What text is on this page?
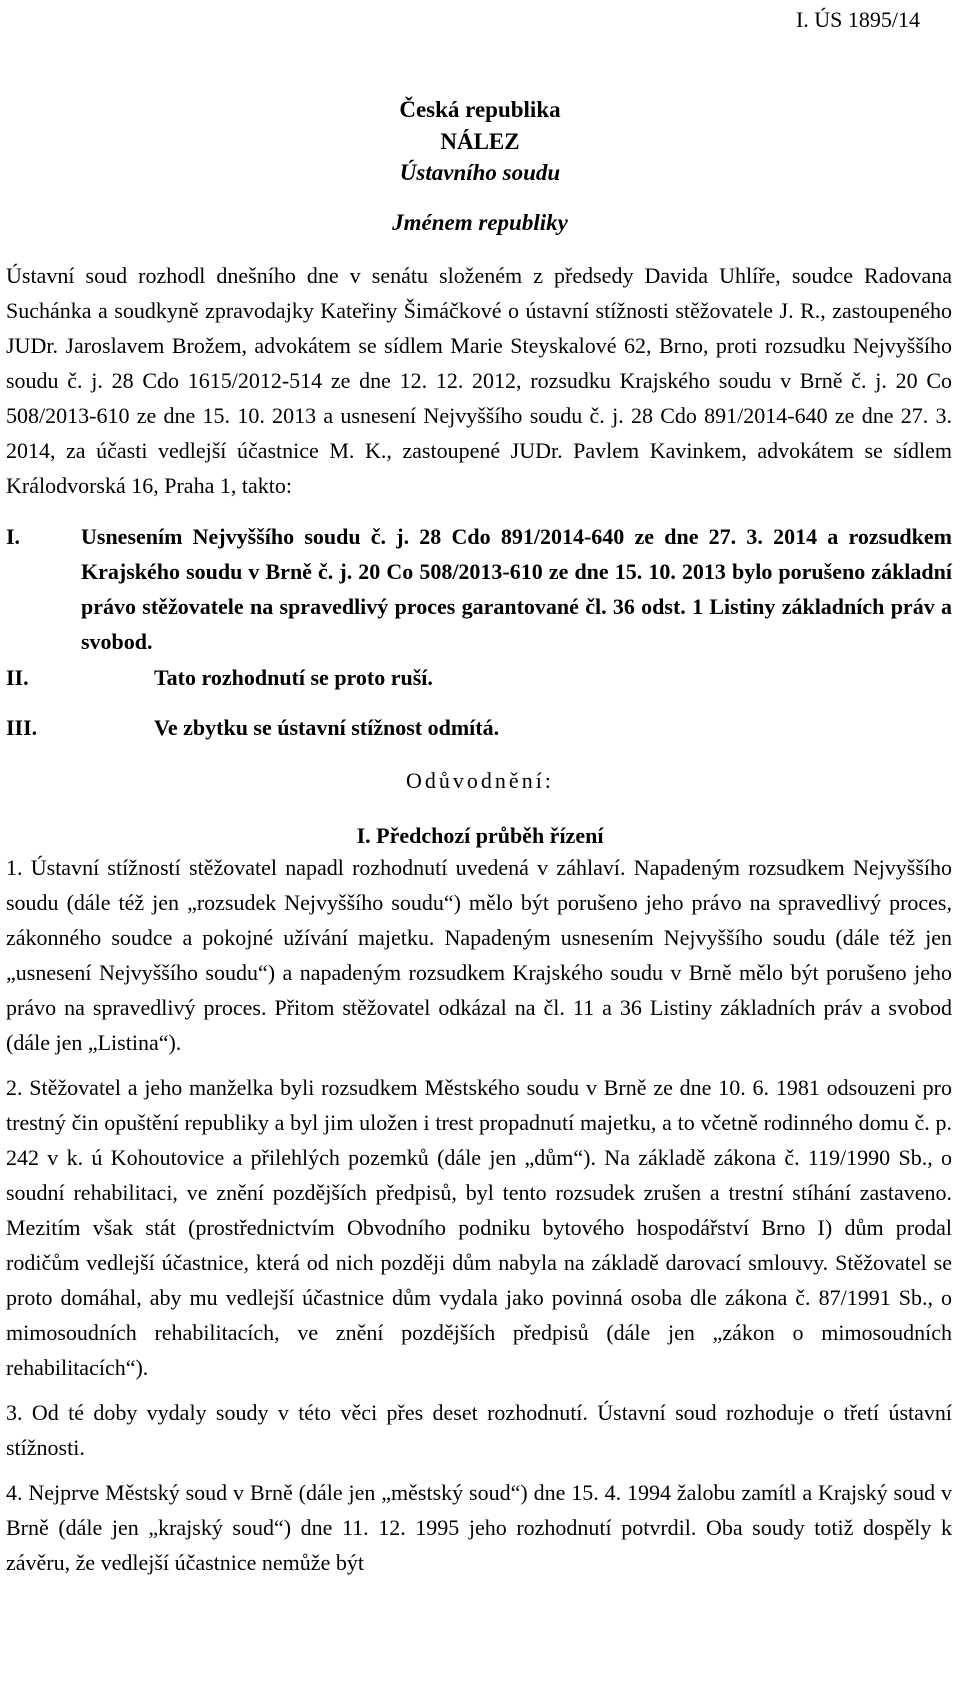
I. ÚS 1895/14
Česká republika
NÁLEZ
Ústavního soudu
Jménem republiky

Ústavní soud rozhodl dnešního dne v senátu složeném z předsedy Davida Uhlíře, soudce Radovana Suchánka a soudkyně zpravodajky Kateřiny Šimáčkové o ústavní stížnosti stěžovatele J. R., zastoupeného JUDr. Jaroslavem Brožem, advokátem se sídlem Marie Steyskalové 62, Brno, proti rozsudku Nejvyššího soudu č. j. 28 Cdo 1615/2012-514 ze dne 12. 12. 2012, rozsudku Krajského soudu v Brně č. j. 20 Co 508/2013-610 ze dne 15. 10. 2013 a usnesení Nejvyššího soudu č. j. 28 Cdo 891/2014-640 ze dne 27. 3. 2014, za účasti vedlejší účastnice M. K., zastoupené JUDr. Pavlem Kavinkem, advokátem se sídlem Králodvorská 16, Praha 1, takto:

I.	Usnesením Nejvyššího soudu č. j. 28 Cdo 891/2014-640 ze dne 27. 3. 2014 a rozsudkem Krajského soudu v Brně č. j. 20 Co 508/2013-610 ze dne 15. 10. 2013 bylo porušeno základní právo stěžovatele na spravedlivý proces garantované čl. 36 odst. 1 Listiny základních práv a svobod.
II.	Tato rozhodnutí se proto ruší.
III.	Ve zbytku se ústavní stížnost odmítá.
Odůvodnění:
I. Předchozí průběh řízení

1. Ústavní stížností stěžovatel napadl rozhodnutí uvedená v záhlaví. Napadeným rozsudkem Nejvyššího soudu (dále též jen „rozsudek Nejvyššího soudu“) mělo být porušeno jeho právo na spravedlivý proces, zákonného soudce a pokojné užívání majetku. Napadeným usnesením Nejvyššího soudu (dále též jen „usnesení Nejvyššího soudu“) a napadeným rozsudkem Krajského soudu v Brně mělo být porušeno jeho právo na spravedlivý proces. Přitom stěžovatel odkázal na čl. 11 a 36 Listiny základních práv a svobod (dále jen „Listina“).

2. Stěžovatel a jeho manželka byli rozsudkem Městského soudu v Brně ze dne 10. 6. 1981 odsouzeni pro trestný čin opuštění republiky a byl jim uložen i trest propadnutí majetku, a to včetně rodinného domu č. p. 242 v k. ú Kohoutovice a přilehlých pozemků (dále jen „dům“). Na základě zákona č. 119/1990 Sb., o soudní rehabilitaci, ve znění pozdějších předpisů, byl tento rozsudek zrušen a trestní stíhání zastaveno. Mezitím však stát (prostřednictvím Obvodního podniku bytového hospodářství Brno I) dům prodal rodičům vedlejší účastnice, která od nich později dům nabyla na základě darovací smlouvy. Stěžovatel se proto domáhal, aby mu vedlejší účastnice dům vydala jako povinná osoba dle zákona č. 87/1991 Sb., o mimosoudních rehabilitacích, ve znění pozdějších předpisů (dále jen „zákon o mimosoudních rehabilitacích“).

3. Od té doby vydaly soudy v této věci přes deset rozhodnutí. Ústavní soud rozhoduje o třetí ústavní stížnosti.

4. Nejprve Městský soud v Brně (dále jen „městský soud“) dne 15. 4. 1994 žalobu zamítl a Krajský soud v Brně (dále jen „krajský soud“) dne 11. 12. 1995 jeho rozhodnutí potvrdil. Oba soudy totiž dospěly k závěru, že vedlejší účastnice nemůže být
